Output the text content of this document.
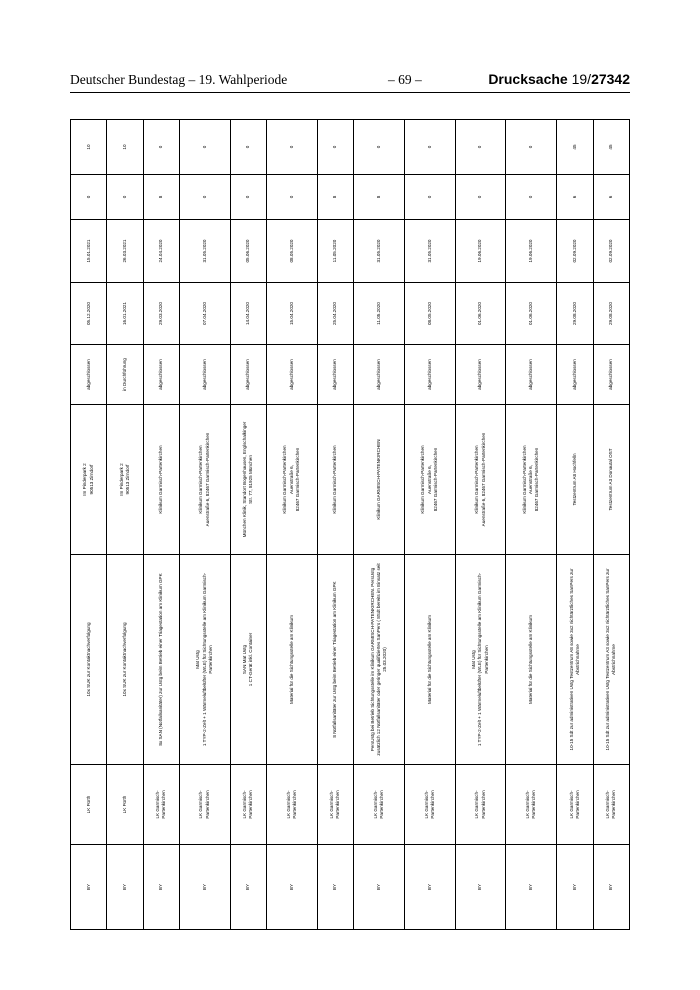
Deutscher Bundestag – 19. Wahlperiode	– 69 –	Drucksache 19/27342
BY	LK Fürth	10x SUK zur Kontaktnachverfolgung	Im Pinderpark 2 90513 Zirndorf	abgeschlossen	05.12.2020	15.01.2021	0	10

BY	LK Fürth	10x SUK zur Kontaktnachverfolgung	Im Pinderpark 2 90513 Zirndorf	in Durchführung	16.01.2021	26.03.2021	0	10

BY	LK Garmisch- Partenkirchen	8x SAN (Notfallsanitäter) zur Ustg beim Betrieb einer Triagestation am Klinikum GPK	Klinikum Garmisch-Partenkirchen	abgeschlossen	29.03.2020	24.04.2020	8	0

BY	LK Garmisch- Partenkirchen	Mat Ustg 1 TYP-2-Zelt + 1 Wärmeluftbelüfter (WLE) für Sichtungsstelle am Klinikum Garmisch- Partenkirchen	Klinikum Garmisch-Partenkirchen Auenstraße 6, 82467 Garmisch-Partenkirchen	abgeschlossen	07.04.2020	31.05.2020	0	0

BY	LK Garmisch- Partenkirchen	SAN Mat Ustg 1 CT-Gerät inkl. Container	München Klinik, Standort Bogenhausen, Englschalkinger Str. 77, 81925 München	abgeschlossen	14.04.2020	05.06.2020	0	0

BY	LK Garmisch- Partenkirchen	Material für die Sichtungsstelle am Klinikum	Klinikum Garmisch-Partenkirchen Auenstraße 6, 82467 Garmisch-Partenkirchen	abgeschlossen	15.04.2020	08.05.2020	0	0

BY	LK Garmisch- Partenkirchen	8 Notfallsanitäter zur Ustg beim Betrieb einer Triagestation am Klinikum GPK	Klinikum Garmisch-Partenkirchen	abgeschlossen	25.04.2020	11.05.2020	8	0

BY	LK Garmisch- Partenkirchen	PersUstg bei Betrieb Sichtungsstelle im Klinikum GARMISCH-PATENKIRCHEN. PersUstg zusätzlich 12 Notfallsanitäter oder geringer qualifiziertes SanPers ( 8Sdt bereits im Einsatz seit 25.03.2020)	Klinikum GARMISCH-PATENKIRCHEN	abgeschlossen	11.05.2020	31.05.2020	8	0

BY	LK Garmisch- Partenkirchen	Material für die Sichtungsstelle am Klinikum	Klinikum Garmisch-Partenkirchen Auenstraße 6, 82467 Garmisch-Partenkirchen	abgeschlossen	08.05.2020	31.05.2020	0	0

BY	LK Garmisch- Partenkirchen	Mat Ustg 1 TYP-2-Zelt + 1 Wärmeluftbelüfter (WLE) für Sichtungsstelle am Klinikum Garmisch- Partenkirchen	Klinikum Garmisch-Partenkirchen Auenstraße 6, 82467 Garmisch-Partenkirchen	abgeschlossen	01.06.2020	19.06.2020	0	0

BY	LK Garmisch- Partenkirchen	Material für die Sichtungsstelle am Klinikum	Klinikum Garmisch-Partenkirchen Auenstraße 6, 82467 Garmisch-Partenkirchen	abgeschlossen	01.06.2020	19.06.2020	0	0

BY	LK Garmisch- Partenkirchen	10-15 Sdt zur administrativen Ustg Testzentrum A8 sowie 3x2 nichtärztliches SanPers zur Abstrichnahme	Testzentrum A8 Hochfelln	abgeschlossen	29.08.2020	02.09.2020	6	45

BY	LK Garmisch- Partenkirchen	10-15 Sdt zur administrativen Ustg Testzentrum A3 sowie 3x2 nichtärztliches SanPers zur Abstrichnahme	Testzentrum A3 Donautal OST	abgeschlossen	29.08.2020	02.09.2020	6	45
